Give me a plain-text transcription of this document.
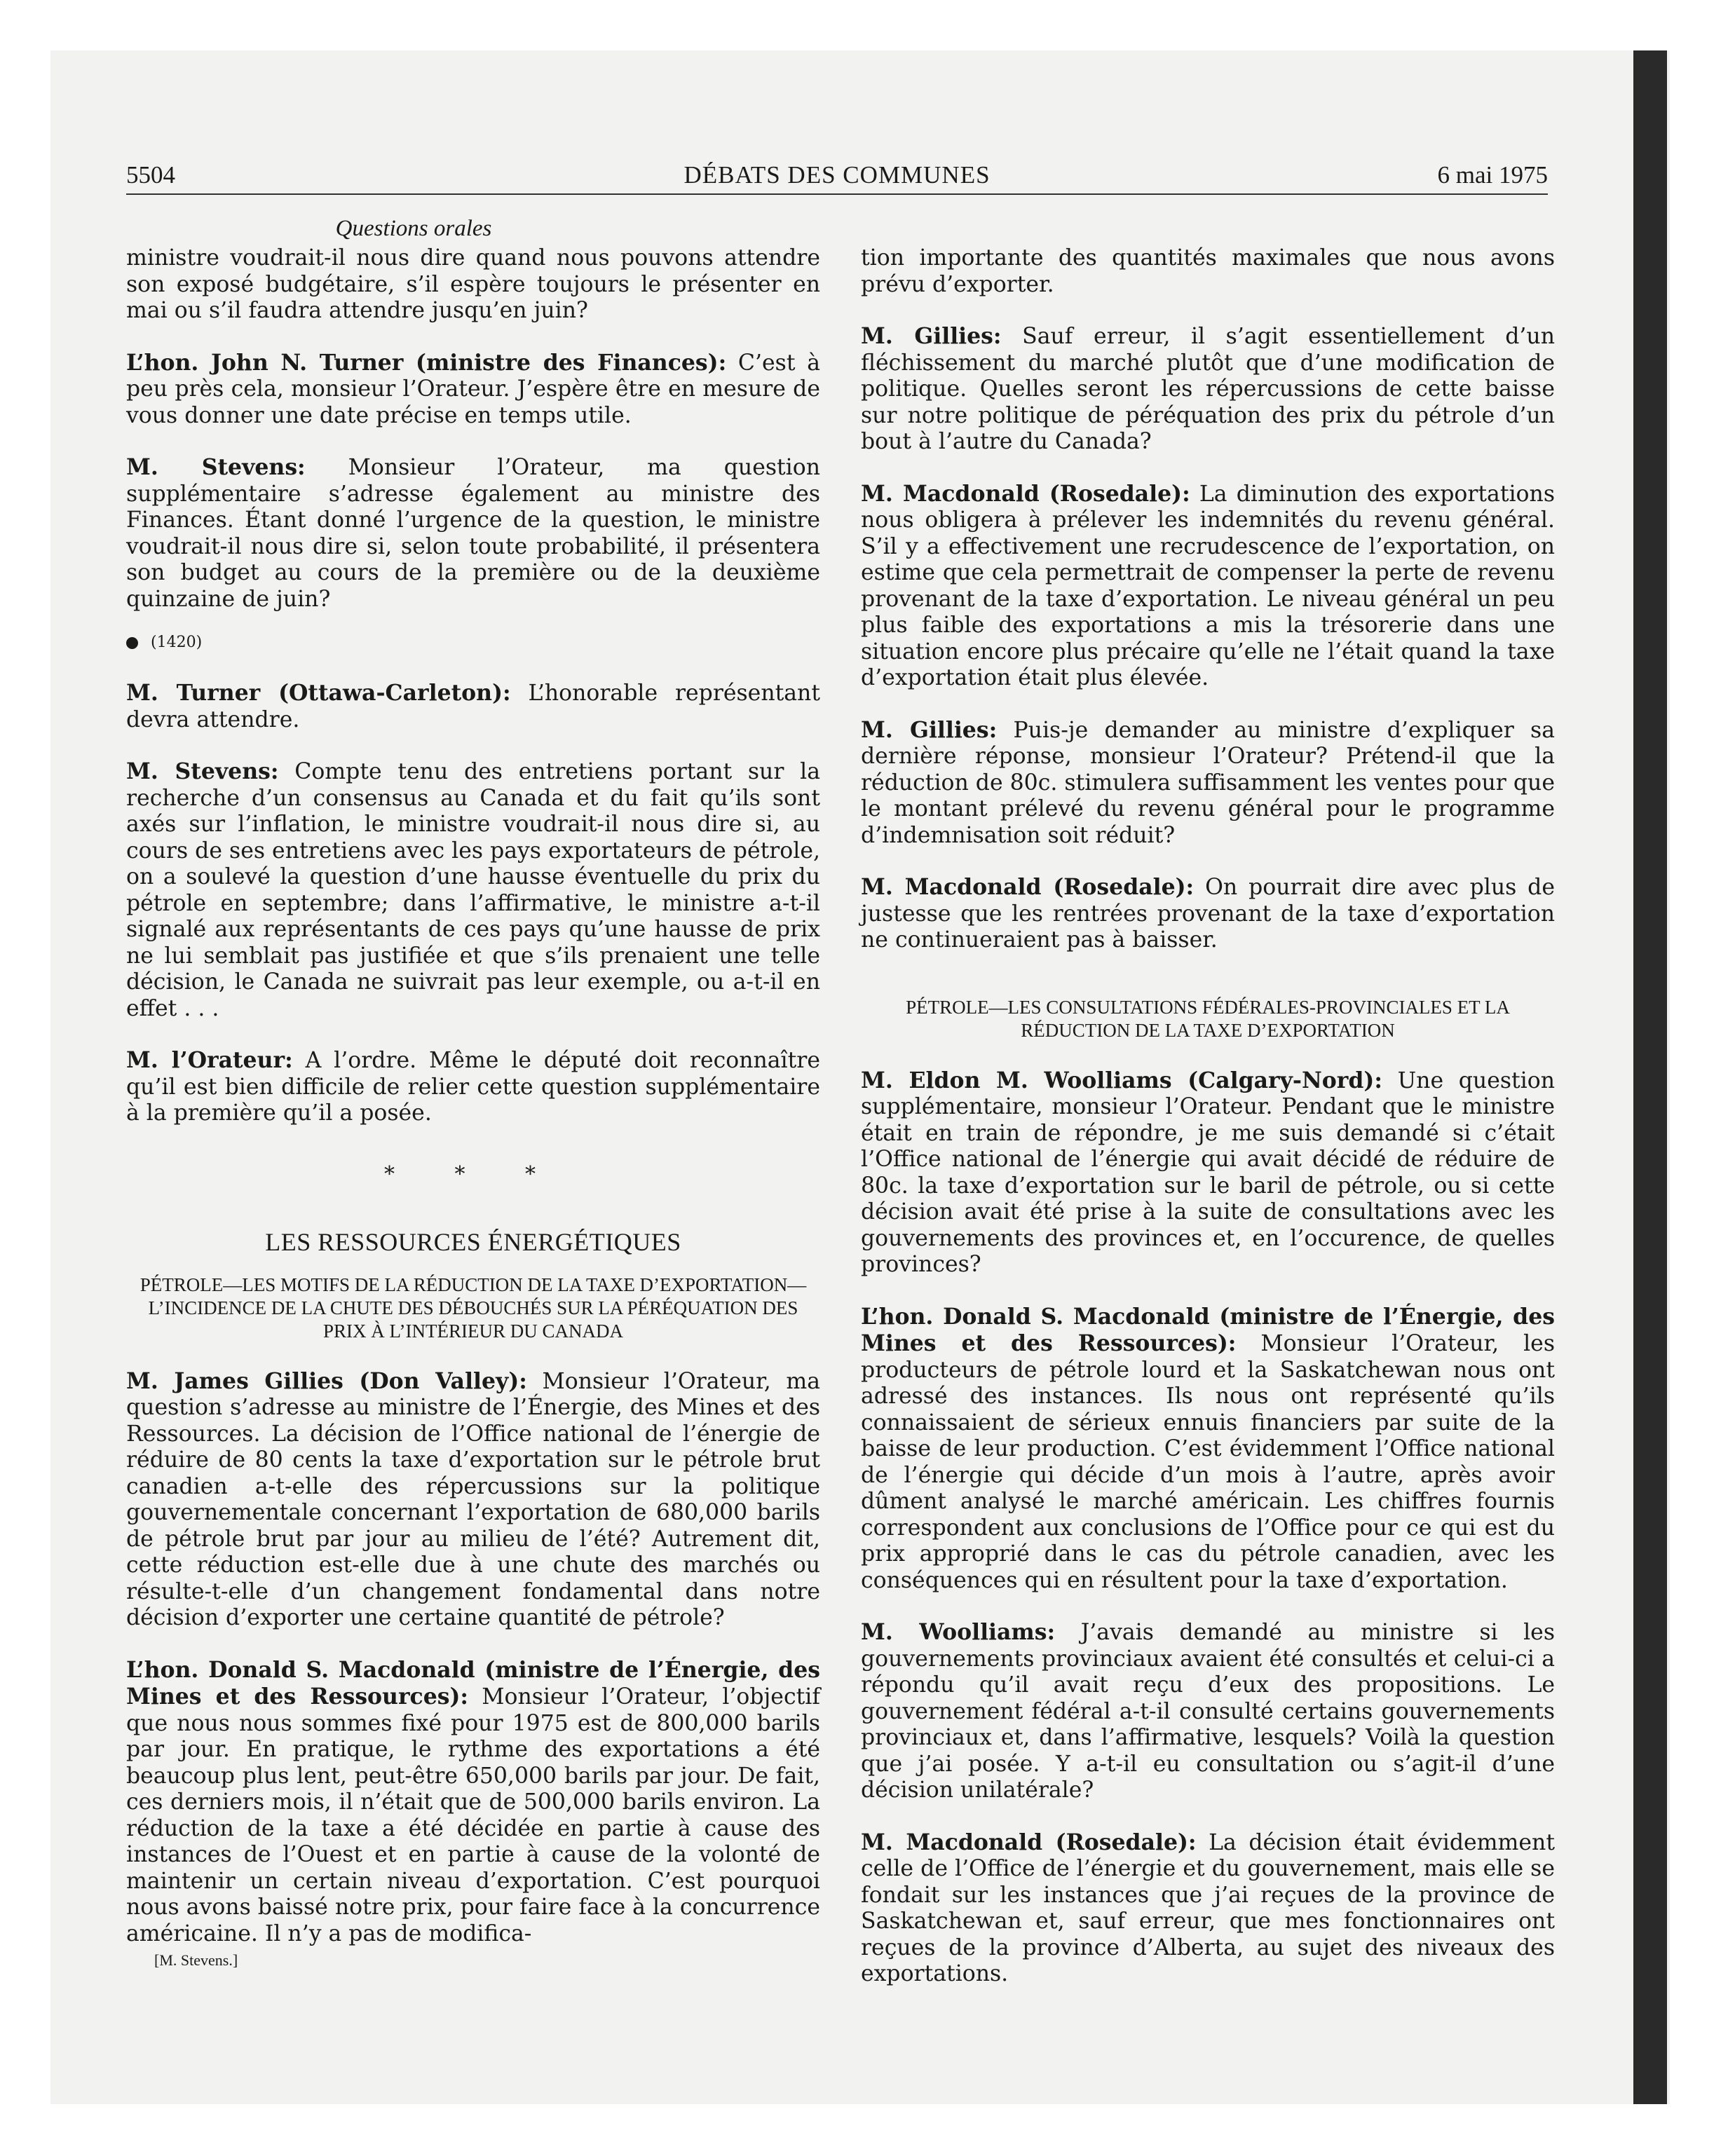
5504	DÉBATS DES COMMUNES	6 mai 1975
Questions orales

ministre voudrait-il nous dire quand nous pouvons attendre son exposé budgétaire, s’il espère toujours le présenter en mai ou s’il faudra attendre jusqu’en juin?

L’hon. John N. Turner (ministre des Finances): C’est à peu près cela, monsieur l’Orateur. J’espère être en mesure de vous donner une date précise en temps utile.

M. Stevens: Monsieur l’Orateur, ma question supplémentaire s’adresse également au ministre des Finances. Étant donné l’urgence de la question, le ministre voudrait-il nous dire si, selon toute probabilité, il présentera son budget au cours de la première ou de la deuxième quinzaine de juin?

(1420)

M. Turner (Ottawa-Carleton): L’honorable représentant devra attendre.

M. Stevens: Compte tenu des entretiens portant sur la recherche d’un consensus au Canada et du fait qu’ils sont axés sur l’inflation, le ministre voudrait-il nous dire si, au cours de ses entretiens avec les pays exportateurs de pétrole, on a soulevé la question d’une hausse éventuelle du prix du pétrole en septembre; dans l’affirmative, le ministre a-t-il signalé aux représentants de ces pays qu’une hausse de prix ne lui semblait pas justifiée et que s’ils prenaient une telle décision, le Canada ne suivrait pas leur exemple, ou a-t-il en effet . . .

M. l’Orateur: A l’ordre. Même le député doit reconnaître qu’il est bien difficile de relier cette question supplémentaire à la première qu’il a posée.

* * *
LES RESSOURCES ÉNERGÉTIQUES
PÉTROLE—LES MOTIFS DE LA RÉDUCTION DE LA TAXE D’EXPORTATION—L’INCIDENCE DE LA CHUTE DES DÉBOUCHÉS SUR LA PÉRÉQUATION DES PRIX À L’INTÉRIEUR DU CANADA

M. James Gillies (Don Valley): Monsieur l’Orateur, ma question s’adresse au ministre de l’Énergie, des Mines et des Ressources. La décision de l’Office national de l’énergie de réduire de 80 cents la taxe d’exportation sur le pétrole brut canadien a-t-elle des répercussions sur la politique gouvernementale concernant l’exportation de 680,000 barils de pétrole brut par jour au milieu de l’été? Autrement dit, cette réduction est-elle due à une chute des marchés ou résulte-t-elle d’un changement fondamental dans notre décision d’exporter une certaine quantité de pétrole?

L’hon. Donald S. Macdonald (ministre de l’Énergie, des Mines et des Ressources): Monsieur l’Orateur, l’objectif que nous nous sommes fixé pour 1975 est de 800,000 barils par jour. En pratique, le rythme des exportations a été beaucoup plus lent, peut-être 650,000 barils par jour. De fait, ces derniers mois, il n’était que de 500,000 barils environ. La réduction de la taxe a été décidée en partie à cause des instances de l’Ouest et en partie à cause de la volonté de maintenir un certain niveau d’exportation. C’est pourquoi nous avons baissé notre prix, pour faire face à la concurrence américaine. Il n’y a pas de modifica-

[M. Stevens.]

tion importante des quantités maximales que nous avons prévu d’exporter.

M. Gillies: Sauf erreur, il s’agit essentiellement d’un fléchissement du marché plutôt que d’une modification de politique. Quelles seront les répercussions de cette baisse sur notre politique de péréquation des prix du pétrole d’un bout à l’autre du Canada?

M. Macdonald (Rosedale): La diminution des exportations nous obligera à prélever les indemnités du revenu général. S’il y a effectivement une recrudescence de l’exportation, on estime que cela permettrait de compenser la perte de revenu provenant de la taxe d’exportation. Le niveau général un peu plus faible des exportations a mis la trésorerie dans une situation encore plus précaire qu’elle ne l’était quand la taxe d’exportation était plus élevée.

M. Gillies: Puis-je demander au ministre d’expliquer sa dernière réponse, monsieur l’Orateur? Prétend-il que la réduction de 80c. stimulera suffisamment les ventes pour que le montant prélevé du revenu général pour le programme d’indemnisation soit réduit?

M. Macdonald (Rosedale): On pourrait dire avec plus de justesse que les rentrées provenant de la taxe d’exportation ne continueraient pas à baisser.

PÉTROLE—LES CONSULTATIONS FÉDÉRALES-PROVINCIALES ET LA RÉDUCTION DE LA TAXE D’EXPORTATION

M. Eldon M. Woolliams (Calgary-Nord): Une question supplémentaire, monsieur l’Orateur. Pendant que le ministre était en train de répondre, je me suis demandé si c’était l’Office national de l’énergie qui avait décidé de réduire de 80c. la taxe d’exportation sur le baril de pétrole, ou si cette décision avait été prise à la suite de consultations avec les gouvernements des provinces et, en l’occurence, de quelles provinces?

L’hon. Donald S. Macdonald (ministre de l’Énergie, des Mines et des Ressources): Monsieur l’Orateur, les producteurs de pétrole lourd et la Saskatchewan nous ont adressé des instances. Ils nous ont représenté qu’ils connaissaient de sérieux ennuis financiers par suite de la baisse de leur production. C’est évidemment l’Office national de l’énergie qui décide d’un mois à l’autre, après avoir dûment analysé le marché américain. Les chiffres fournis correspondent aux conclusions de l’Office pour ce qui est du prix approprié dans le cas du pétrole canadien, avec les conséquences qui en résultent pour la taxe d’exportation.

M. Woolliams: J’avais demandé au ministre si les gouvernements provinciaux avaient été consultés et celui-ci a répondu qu’il avait reçu d’eux des propositions. Le gouvernement fédéral a-t-il consulté certains gouvernements provinciaux et, dans l’affirmative, lesquels? Voilà la question que j’ai posée. Y a-t-il eu consultation ou s’agit-il d’une décision unilatérale?

M. Macdonald (Rosedale): La décision était évidemment celle de l’Office de l’énergie et du gouvernement, mais elle se fondait sur les instances que j’ai reçues de la province de Saskatchewan et, sauf erreur, que mes fonctionnaires ont reçues de la province d’Alberta, au sujet des niveaux des exportations.
